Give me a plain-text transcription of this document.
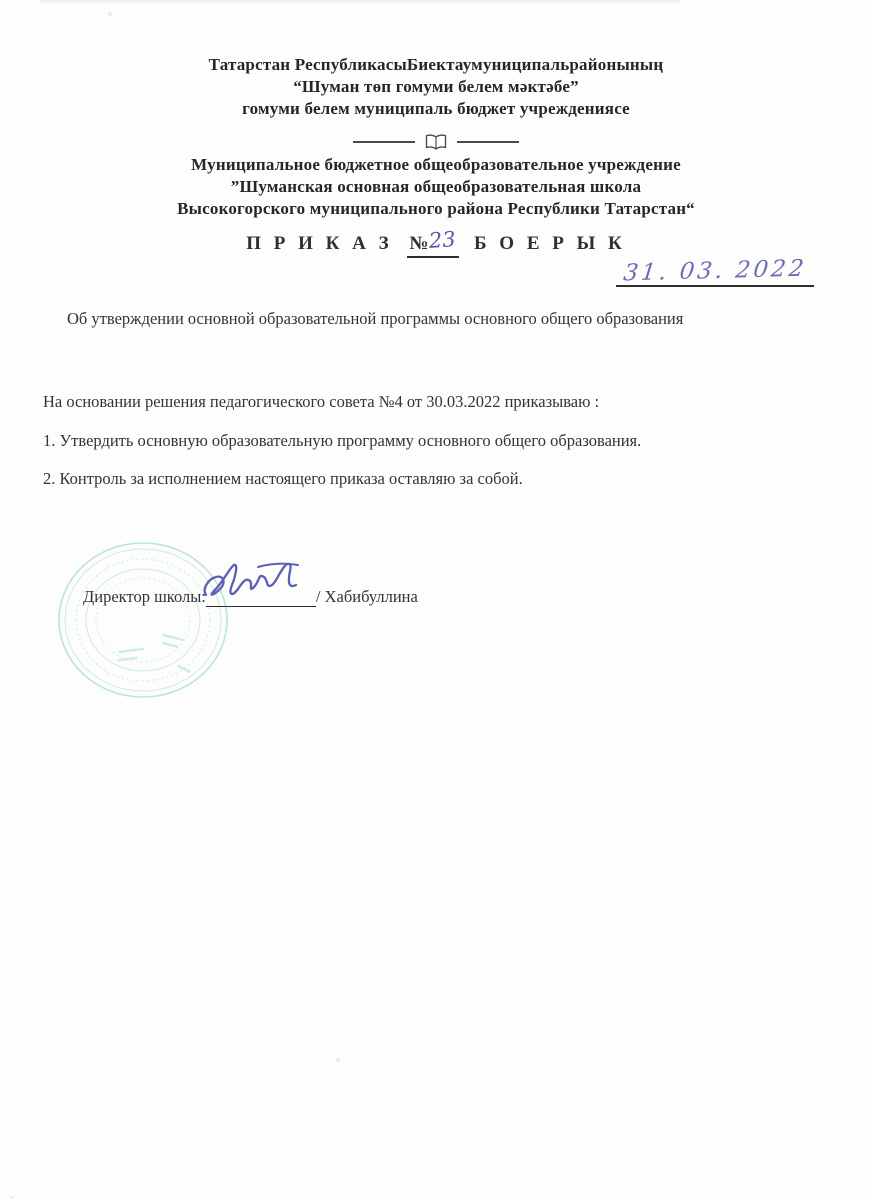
Татарстан РеспубликасыБиектаумуниципальрайонының
“Шуман төп гомуми белем мәктәбе”
гомуми белем муниципаль бюджет учреждениясе
Муниципальное бюджетное общеобразовательное учреждение
”Шуманская основная общеобразовательная школа
Высокогорского муниципального района Республики Татарстан“
П Р И К А З №23 Б О Е Р Ы К
31. 03. 2022
Об утверждении основной образовательной программы основного общего образования

На основании решения педагогического совета №4 от 30.03.2022 приказываю :

1. Утвердить основную образовательную программу основного общего образования.

2. Контроль за исполнением настоящего приказа оставляю за собой.

Директор школы:	/ Хабибуллина
